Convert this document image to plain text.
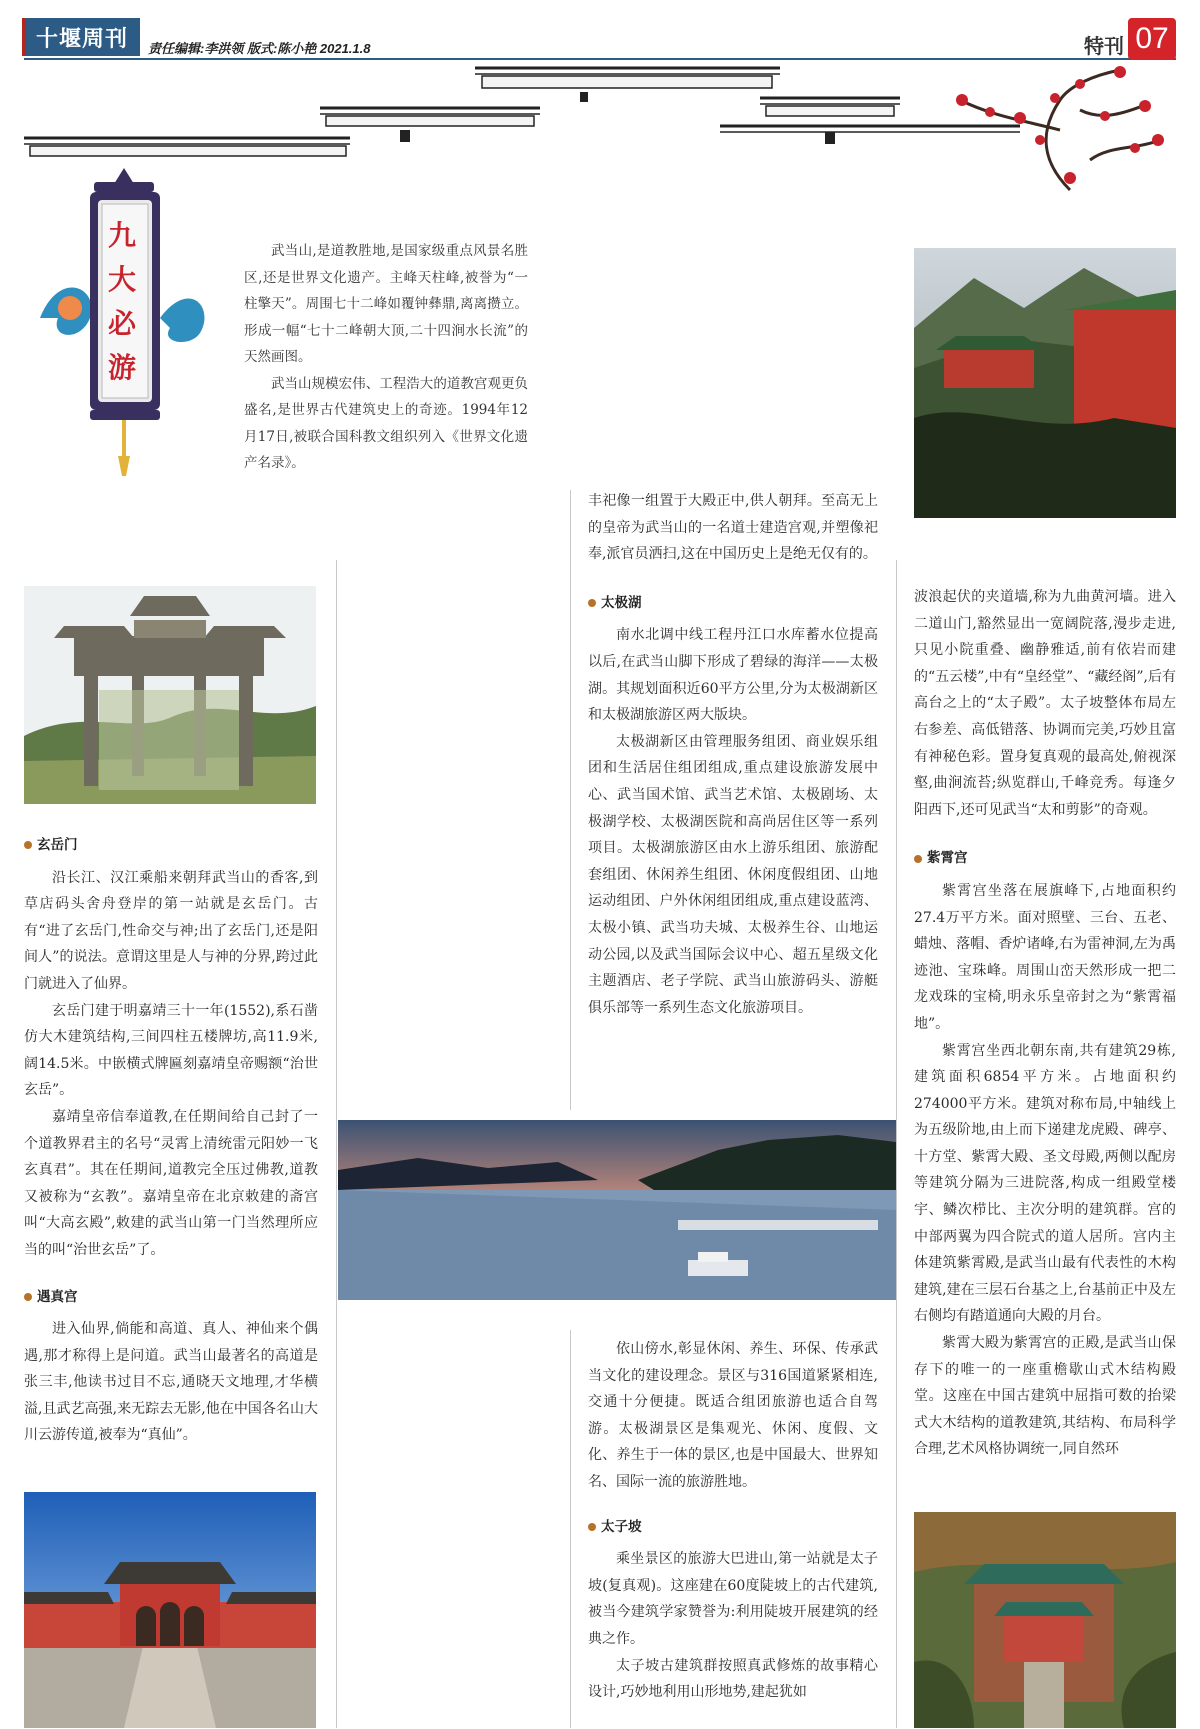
十堰周刊	责任编辑:李洪领 版式:陈小艳 2021.1.8	特刊 07
九
大
必
游

武当山,是道教胜地,是国家级重点风景名胜区,还是世界文化遗产。主峰天柱峰,被誉为“一柱擎天”。周围七十二峰如覆钟彝鼎,离离攒立。形成一幅“七十二峰朝大顶,二十四涧水长流”的天然画图。

武当山规模宏伟、工程浩大的道教宫观更负盛名,是世界古代建筑史上的奇迹。1994年12月17日,被联合国科教文组织列入《世界文化遗产名录》。

玄岳门

沿长江、汉江乘船来朝拜武当山的香客,到草店码头舍舟登岸的第一站就是玄岳门。古有“进了玄岳门,性命交与神;出了玄岳门,还是阳间人”的说法。意谓这里是人与神的分界,跨过此门就进入了仙界。

玄岳门建于明嘉靖三十一年(1552),系石凿仿大木建筑结构,三间四柱五楼牌坊,高11.9米,阔14.5米。中嵌横式牌匾刻嘉靖皇帝赐额“治世玄岳”。

嘉靖皇帝信奉道教,在任期间给自己封了一个道教界君主的名号“灵霄上清统雷元阳妙一飞玄真君”。其在任期间,道教完全压过佛教,道教又被称为“玄教”。嘉靖皇帝在北京敕建的斋宫叫“大高玄殿”,敕建的武当山第一门当然理所应当的叫“治世玄岳”了。

遇真宫

进入仙界,倘能和高道、真人、神仙来个偶遇,那才称得上是问道。武当山最著名的高道是张三丰,他读书过目不忘,通晓天文地理,才华横溢,且武艺高强,来无踪去无影,他在中国各名山大川云游传道,被奉为“真仙”。

丰祀像一组置于大殿正中,供人朝拜。至高无上的皇帝为武当山的一名道士建造宫观,并塑像祀奉,派官员洒扫,这在中国历史上是绝无仅有的。

太极湖

南水北调中线工程丹江口水库蓄水位提高以后,在武当山脚下形成了碧绿的海洋——太极湖。其规划面积近60平方公里,分为太极湖新区和太极湖旅游区两大版块。

太极湖新区由管理服务组团、商业娱乐组团和生活居住组团组成,重点建设旅游发展中心、武当国术馆、武当艺术馆、太极剧场、太极湖学校、太极湖医院和高尚居住区等一系列项目。太极湖旅游区由水上游乐组团、旅游配套组团、休闲养生组团、休闲度假组团、山地运动组团、户外休闲组团组成,重点建设蓝湾、太极小镇、武当功夫城、太极养生谷、山地运动公园,以及武当国际会议中心、超五星级文化主题酒店、老子学院、武当山旅游码头、游艇俱乐部等一系列生态文化旅游项目。

依山傍水,彰显休闲、养生、环保、传承武当文化的建设理念。景区与316国道紧紧相连,交通十分便捷。既适合组团旅游也适合自驾游。太极湖景区是集观光、休闲、度假、文化、养生于一体的景区,也是中国最大、世界知名、国际一流的旅游胜地。

太子坡

乘坐景区的旅游大巴进山,第一站就是太子坡(复真观)。这座建在60度陡坡上的古代建筑,被当今建筑学家赞誉为:利用陡坡开展建筑的经典之作。

太子坡古建筑群按照真武修炼的故事精心设计,巧妙地利用山形地势,建起犹如

波浪起伏的夹道墙,称为九曲黄河墙。进入二道山门,豁然显出一宽阔院落,漫步走进,只见小院重叠、幽静雅适,前有依岩而建的“五云楼”,中有“皇经堂”、“藏经阁”,后有高台之上的“太子殿”。太子坡整体布局左右参差、高低错落、协调而完美,巧妙且富有神秘色彩。置身复真观的最高处,俯视深壑,曲涧流苔;纵览群山,千峰竞秀。每逢夕阳西下,还可见武当“太和剪影”的奇观。

紫霄宫

紫霄宫坐落在展旗峰下,占地面积约27.4万平方米。面对照壁、三台、五老、蜡烛、落帽、香炉诸峰,右为雷神洞,左为禹迹池、宝珠峰。周围山峦天然形成一把二龙戏珠的宝椅,明永乐皇帝封之为“紫霄福地”。

紫霄宫坐西北朝东南,共有建筑29栋,建筑面积6854平方米。占地面积约274000平方米。建筑对称布局,中轴线上为五级阶地,由上而下递建龙虎殿、碑亭、十方堂、紫霄大殿、圣文母殿,两侧以配房等建筑分隔为三进院落,构成一组殿堂楼宇、鳞次栉比、主次分明的建筑群。宫的中部两翼为四合院式的道人居所。宫内主体建筑紫霄殿,是武当山最有代表性的木构建筑,建在三层石台基之上,台基前正中及左右侧均有踏道通向大殿的月台。

紫霄大殿为紫霄宫的正殿,是武当山保存下的唯一的一座重檐歇山式木结构殿堂。这座在中国古建筑中屈指可数的抬梁式大木结构的道教建筑,其结构、布局科学合理,艺术风格协调统一,同自然环
